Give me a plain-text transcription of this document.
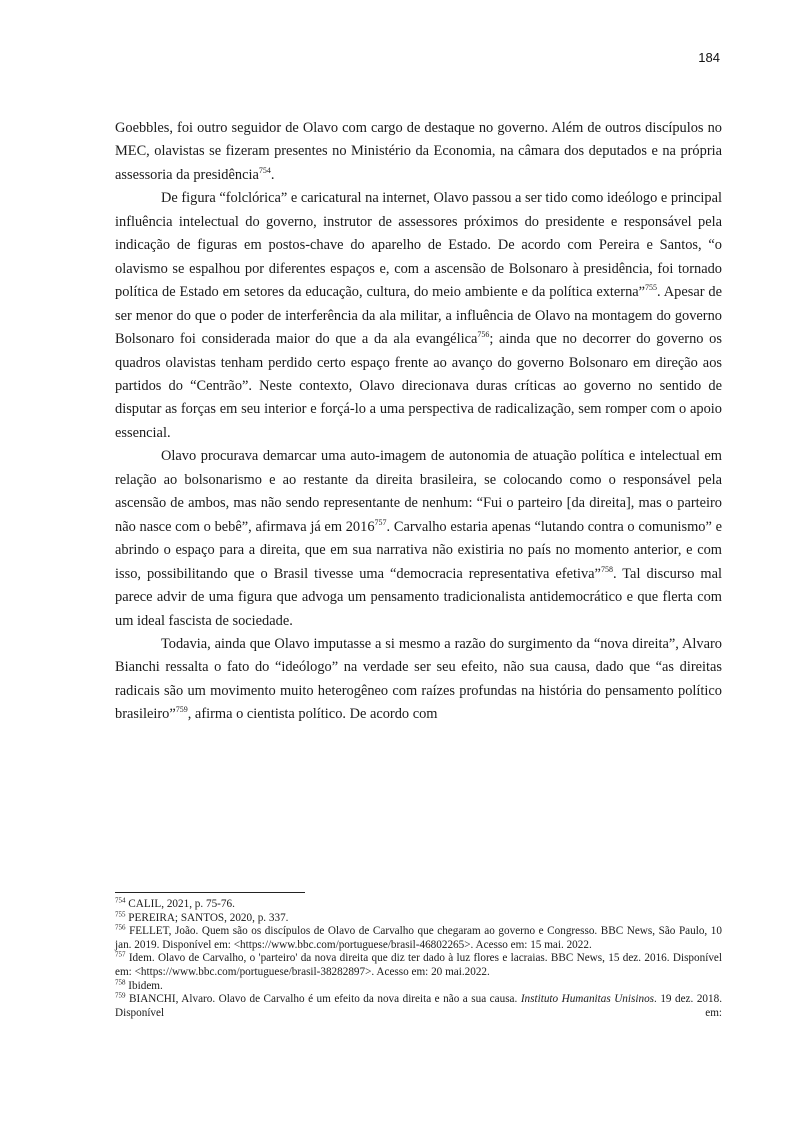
184

Goebbles, foi outro seguidor de Olavo com cargo de destaque no governo. Além de outros discípulos no MEC, olavistas se fizeram presentes no Ministério da Economia, na câmara dos deputados e na própria assessoria da presidência$^{754}$.

De figura “folclórica” e caricatural na internet, Olavo passou a ser tido como ideólogo e principal influência intelectual do governo, instrutor de assessores próximos do presidente e responsável pela indicação de figuras em postos-chave do aparelho de Estado. De acordo com Pereira e Santos, “o olavismo se espalhou por diferentes espaços e, com a ascensão de Bolsonaro à presidência, foi tornado política de Estado em setores da educação, cultura, do meio ambiente e da política externa”$^{755}$. Apesar de ser menor do que o poder de interferência da ala militar, a influência de Olavo na montagem do governo Bolsonaro foi considerada maior do que a da ala evangélica$^{756}$; ainda que no decorrer do governo os quadros olavistas tenham perdido certo espaço frente ao avanço do governo Bolsonaro em direção aos partidos do “Centrão”. Neste contexto, Olavo direcionava duras críticas ao governo no sentido de disputar as forças em seu interior e forçá-lo a uma perspectiva de radicalização, sem romper com o apoio essencial.

Olavo procurava demarcar uma auto-imagem de autonomia de atuação política e intelectual em relação ao bolsonarismo e ao restante da direita brasileira, se colocando como o responsável pela ascensão de ambos, mas não sendo representante de nenhum: “Fui o parteiro [da direita], mas o parteiro não nasce com o bebê”, afirmava já em 2016$^{757}$. Carvalho estaria apenas “lutando contra o comunismo” e abrindo o espaço para a direita, que em sua narrativa não existiria no país no momento anterior, e com isso, possibilitando que o Brasil tivesse uma “democracia representativa efetiva”$^{758}$. Tal discurso mal parece advir de uma figura que advoga um pensamento tradicionalista antidemocrático e que flerta com um ideal fascista de sociedade.

Todavia, ainda que Olavo imputasse a si mesmo a razão do surgimento da “nova direita”, Alvaro Bianchi ressalta o fato do “ideólogo” na verdade ser seu efeito, não sua causa, dado que “as direitas radicais são um movimento muito heterogêneo com raízes profundas na história do pensamento político brasileiro”$^{759}$, afirma o cientista político. De acordo com

$^{754}$ CALIL, 2021, p. 75-76.

$^{755}$ PEREIRA; SANTOS, 2020, p. 337.

$^{756}$ FELLET, João. Quem são os discípulos de Olavo de Carvalho que chegaram ao governo e Congresso. BBC News, São Paulo, 10 jan. 2019. Disponível em: <https://www.bbc.com/portuguese/brasil-46802265>. Acesso em: 15 mai. 2022.

$^{757}$ Idem. Olavo de Carvalho, o 'parteiro' da nova direita que diz ter dado à luz flores e lacraias. BBC News, 15 dez. 2016. Disponível em: <https://www.bbc.com/portuguese/brasil-38282897>. Acesso em: 20 mai.2022.

$^{758}$ Ibidem.

$^{759}$ BIANCHI, Alvaro. Olavo de Carvalho é um efeito da nova direita e não a sua causa. Instituto Humanitas Unisinos. 19 dez. 2018. Disponível em:
